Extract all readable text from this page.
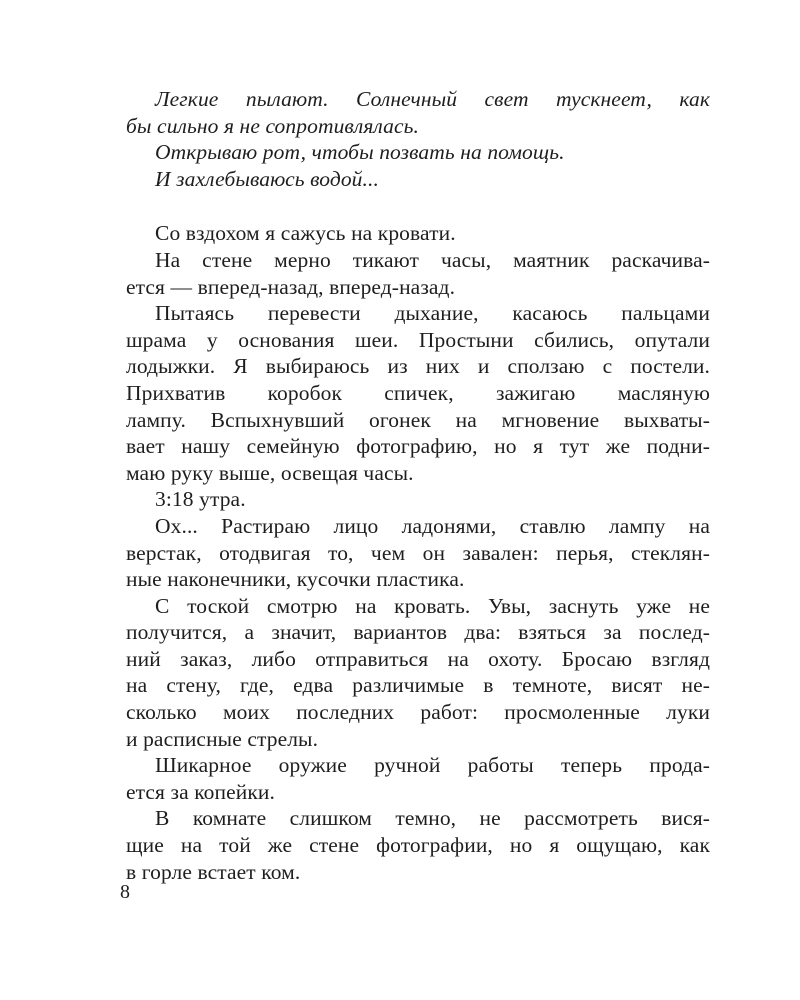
Легкие пылают. Солнечный свет тускнеет, как
бы сильно я не сопротивлялась.
Открываю рот, чтобы позвать на помощь.
И захлебываюсь водой...
Со вздохом я сажусь на кровати.
На стене мерно тикают часы, маятник раскачива-
ется — вперед-назад, вперед-назад.
Пытаясь перевести дыхание, касаюсь пальцами
шрама у основания шеи. Простыни сбились, опутали
лодыжки. Я выбираюсь из них и сползаю с постели.
Прихватив коробок спичек, зажигаю масляную
лампу. Вспыхнувший огонек на мгновение выхваты-
вает нашу семейную фотографию, но я тут же подни-
маю руку выше, освещая часы.
3:18 утра.
Ох... Растираю лицо ладонями, ставлю лампу на
верстак, отодвигая то, чем он завален: перья, стеклян-
ные наконечники, кусочки пластика.
С тоской смотрю на кровать. Увы, заснуть уже не
получится, а значит, вариантов два: взяться за послед-
ний заказ, либо отправиться на охоту. Бросаю взгляд
на стену, где, едва различимые в темноте, висят не-
сколько моих последних работ: просмоленные луки
и расписные стрелы.
Шикарное оружие ручной работы теперь прода-
ется за копейки.
В комнате слишком темно, не рассмотреть вися-
щие на той же стене фотографии, но я ощущаю, как
в горле встает ком.
8
